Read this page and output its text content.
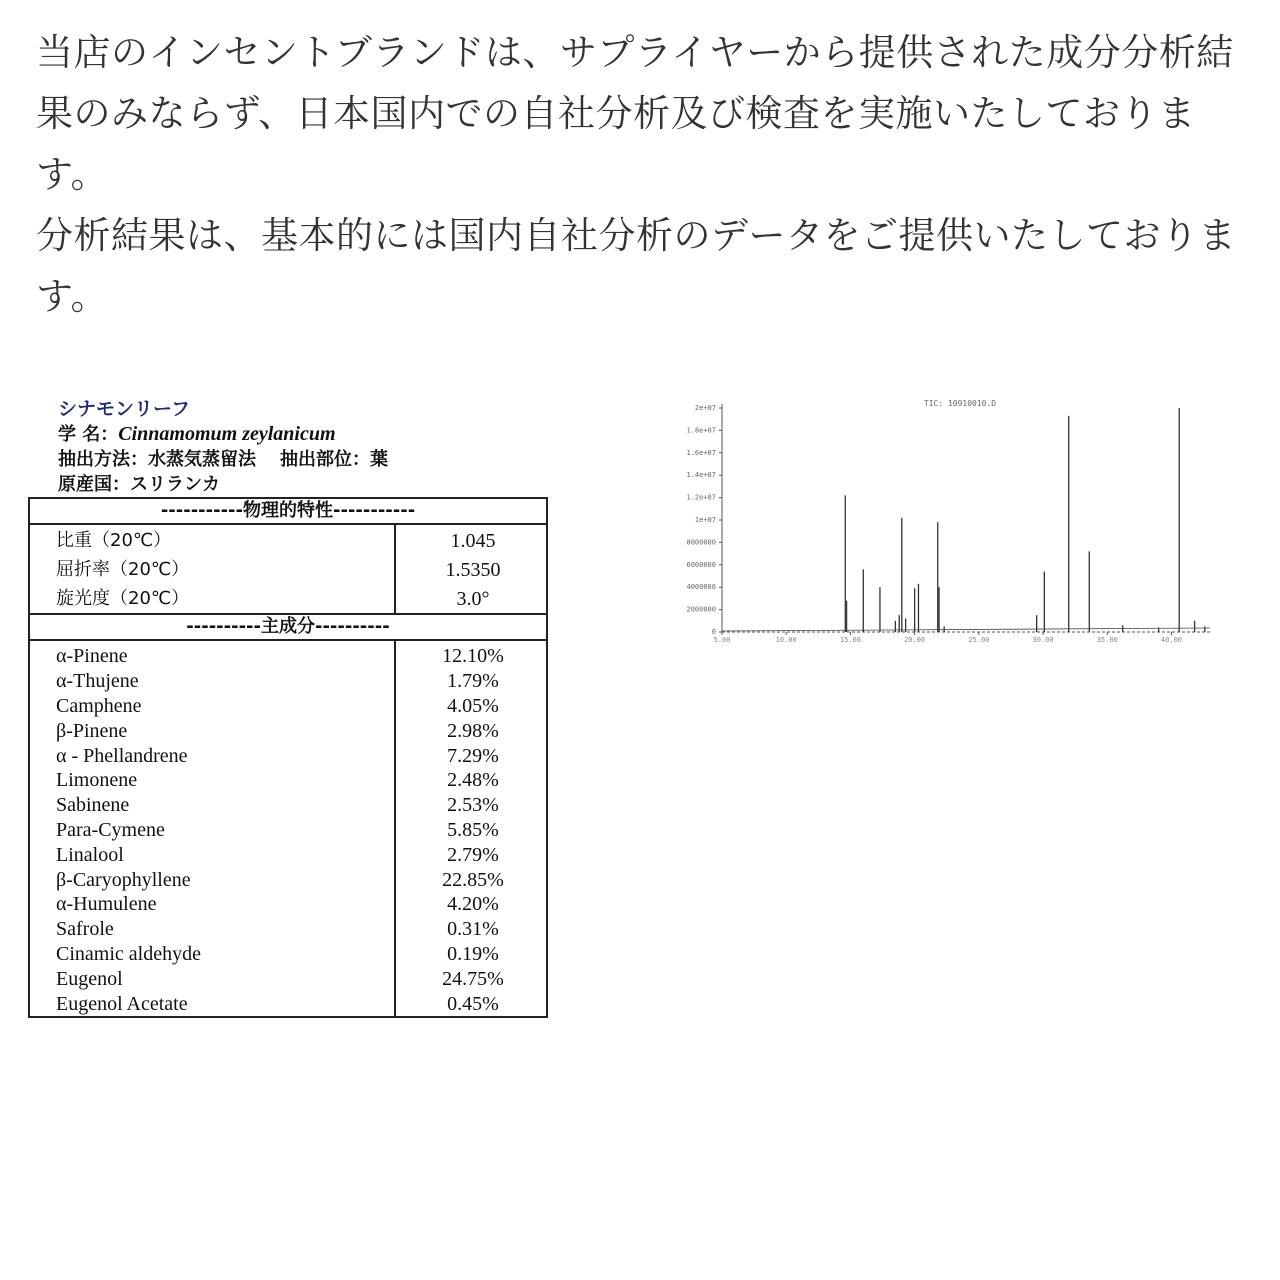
当店のインセントブランドは、サプライヤーから提供された成分分析結果のみならず、日本国内での自社分析及び検査を実施いたしております。

分析結果は、基本的には国内自社分析のデータをご提供いたしております。

シナモンリーフ
学 名：Cinnamomum zeylanicum
抽出方法：水蒸気蒸留法 抽出部位：葉
原産国：スリランカ
-----------物理的特性-----------	
比重（20℃）	1.045
屈折率（20℃）	1.5350
旋光度（20℃）	3.0°
----------主成分----------	
α-Pinene	12.10%
α-Thujene	1.79%
Camphene	4.05%
β-Pinene	2.98%
α - Phellandrene	7.29%
Limonene	2.48%
Sabinene	2.53%
Para-Cymene	5.85%
Linalool	2.79%
β-Caryophyllene	22.85%
α-Humulene	4.20%
Safrole	0.31%
Cinamic aldehyde	0.19%
Eugenol	24.75%
Eugenol Acetate	0.45%
0
2000000
4000000
6000000
8000000
1e+07
1.2e+07
1.4e+07
1.6e+07
1.8e+07
2e+07
5.00	10.00	15.00	20.00	25.00	30.00	35.00	40.00
TIC: 10910010.D
